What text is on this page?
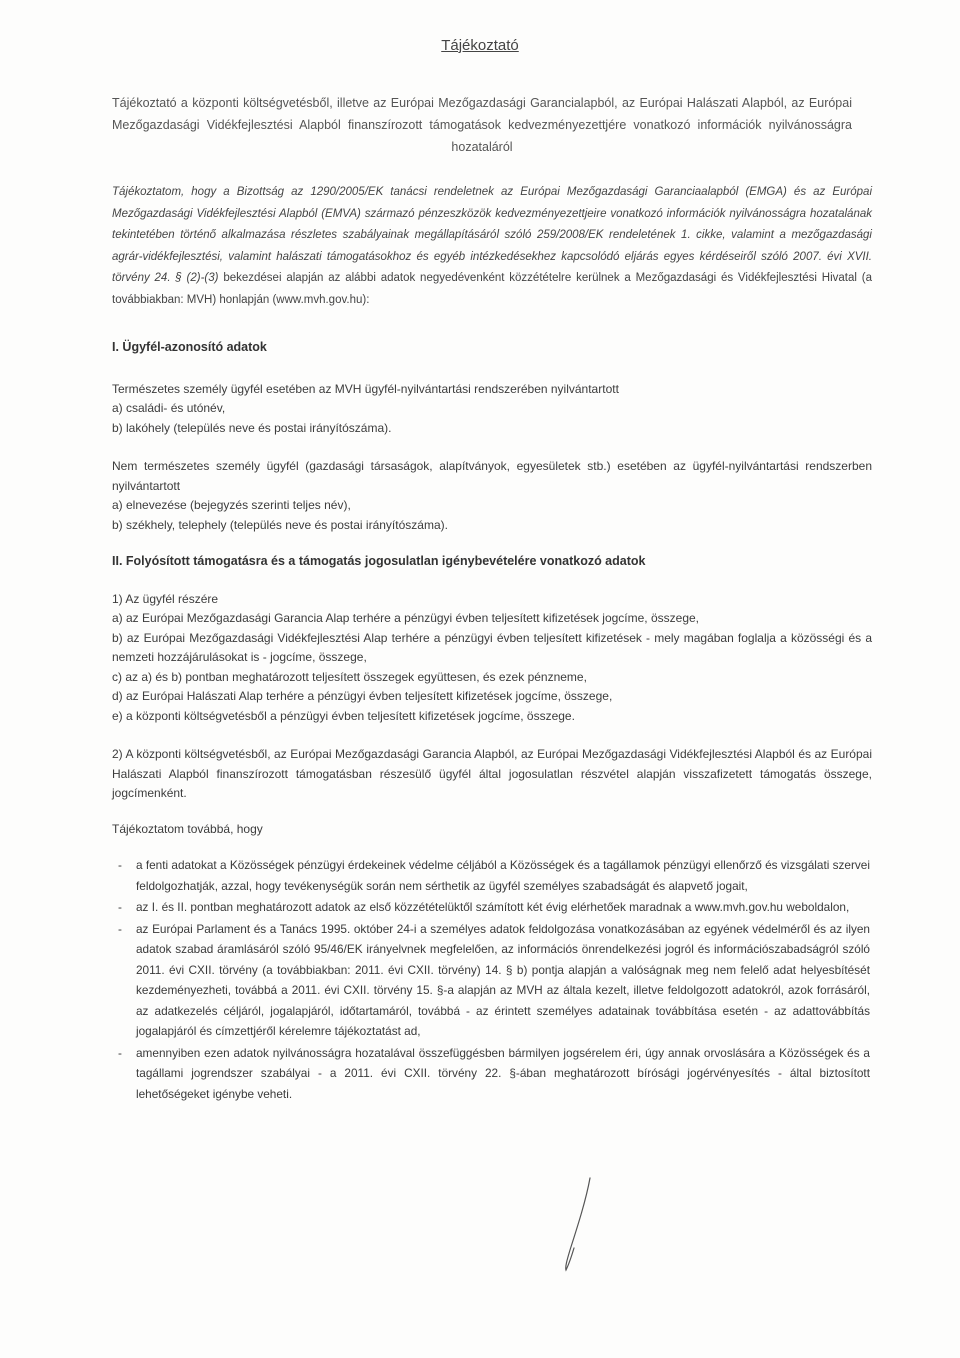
Tájékoztató

Tájékoztató a központi költségvetésből, illetve az Európai Mezőgazdasági Garancialapból, az Európai Halászati Alapból, az Európai Mezőgazdasági Vidékfejlesztési Alapból finanszírozott támogatások kedvezményezettjére vonatkozó információk nyilvánosságra hozataláról

Tájékoztatom, hogy a Bizottság az 1290/2005/EK tanácsi rendeletnek az Európai Mezőgazdasági Garanciaalapból (EMGA) és az Európai Mezőgazdasági Vidékfejlesztési Alapból (EMVA) származó pénzeszközök kedvezményezettjeire vonatkozó információk nyilvánosságra hozatalának tekintetében történő alkalmazása részletes szabályainak megállapításáról szóló 259/2008/EK rendeletének 1. cikke, valamint a mezőgazdasági agrár-vidékfejlesztési, valamint halászati támogatásokhoz és egyéb intézkedésekhez kapcsolódó eljárás egyes kérdéseiről szóló 2007. évi XVII. törvény 24. § (2)-(3) bekezdései alapján az alábbi adatok negyedévenként közzétételre kerülnek a Mezőgazdasági és Vidékfejlesztési Hivatal (a továbbiakban: MVH) honlapján (www.mvh.gov.hu):

I. Ügyfél-azonosító adatok

Természetes személy ügyfél esetében az MVH ügyfél-nyilvántartási rendszerében nyilvántartott

a) családi- és utónév,

b) lakóhely (település neve és postai irányítószáma).

Nem természetes személy ügyfél (gazdasági társaságok, alapítványok, egyesületek stb.) esetében az ügyfél-nyilvántartási rendszerben nyilvántartott

a) elnevezése (bejegyzés szerinti teljes név),

b) székhely, telephely (település neve és postai irányítószáma).

II. Folyósított támogatásra és a támogatás jogosulatlan igénybevételére vonatkozó adatok

1) Az ügyfél részére

a) az Európai Mezőgazdasági Garancia Alap terhére a pénzügyi évben teljesített kifizetések jogcíme, összege,

b) az Európai Mezőgazdasági Vidékfejlesztési Alap terhére a pénzügyi évben teljesített kifizetések - mely magában foglalja a közösségi és a nemzeti hozzájárulásokat is - jogcíme, összege,

c) az a) és b) pontban meghatározott teljesített összegek együttesen, és ezek pénzneme,

d) az Európai Halászati Alap terhére a pénzügyi évben teljesített kifizetések jogcíme, összege,

e) a központi költségvetésből a pénzügyi évben teljesített kifizetések jogcíme, összege.

2) A központi költségvetésből, az Európai Mezőgazdasági Garancia Alapból, az Európai Mezőgazdasági Vidékfejlesztési Alapból és az Európai Halászati Alapból finanszírozott támogatásban részesülő ügyfél által jogosulatlan részvétel alapján visszafizetett támogatás összege, jogcímenként.

Tájékoztatom továbbá, hogy

- a fenti adatokat a Közösségek pénzügyi érdekeinek védelme céljából a Közösségek és a tagállamok pénzügyi ellenőrző és vizsgálati szervei feldolgozhatják, azzal, hogy tevékenységük során nem sérthetik az ügyfél személyes szabadságát és alapvető jogait,
- az I. és II. pontban meghatározott adatok az első közzétételüktől számított két évig elérhetőek maradnak a www.mvh.gov.hu weboldalon,
- az Európai Parlament és a Tanács 1995. október 24-i a személyes adatok feldolgozása vonatkozásában az egyének védelméről és az ilyen adatok szabad áramlásáról szóló 95/46/EK irányelvnek megfelelően, az információs önrendelkezési jogról és információszabadságról szóló 2011. évi CXII. törvény (a továbbiakban: 2011. évi CXII. törvény) 14. § b) pontja alapján a valóságnak meg nem felelő adat helyesbítését kezdeményezheti, továbbá a 2011. évi CXII. törvény 15. §-a alapján az MVH az általa kezelt, illetve feldolgozott adatokról, azok forrásáról, az adatkezelés céljáról, jogalapjáról, időtartamáról, továbbá - az érintett személyes adatainak továbbítása esetén - az adattovábbítás jogalapjáról és címzettjéről kérelemre tájékoztatást ad,
- amennyiben ezen adatok nyilvánosságra hozatalával összefüggésben bármilyen jogsérelem éri, úgy annak orvoslására a Közösségek és a tagállami jogrendszer szabályai - a 2011. évi CXII. törvény 22. §-ában meghatározott bírósági jogérvényesítés - által biztosított lehetőségeket igénybe veheti.
